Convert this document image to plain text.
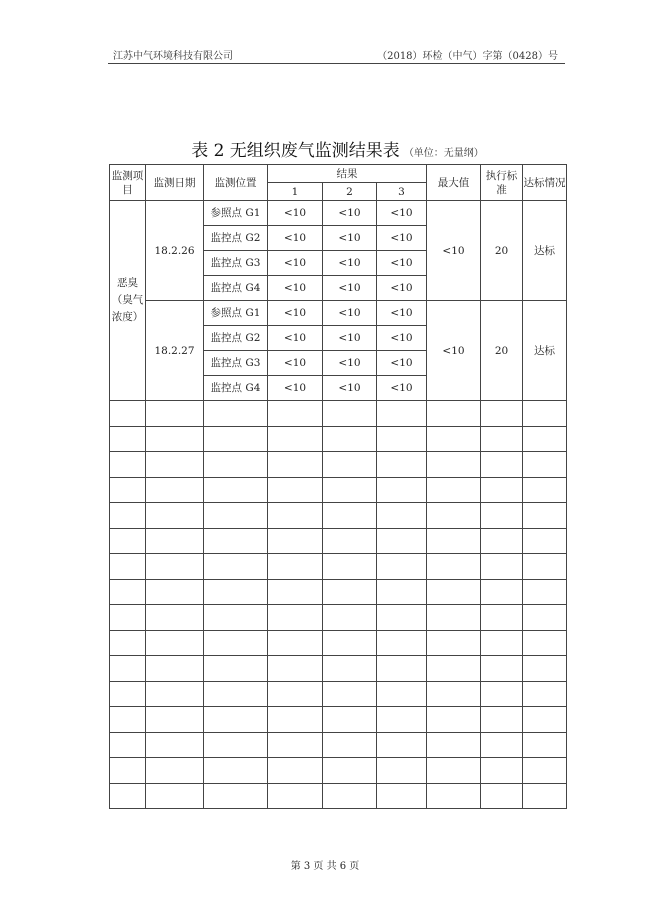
江苏中气环境科技有限公司	（2018）环检（中气）字第（0428）号
表 2 无组织废气监测结果表 （单位：无量纲）
监测项目	监测日期	监测位置	结果			最大值	执行标准	达标情况
			1	2	3			
恶臭（臭气浓度）	18.2.26	参照点 G1	<10	<10	<10	<10	20	达标
		监控点 G2	<10	<10	<10			
		监控点 G3	<10	<10	<10			
		监控点 G4	<10	<10	<10			
	18.2.27	参照点 G1	<10	<10	<10	<10	20	达标
		监控点 G2	<10	<10	<10			
		监控点 G3	<10	<10	<10			
		监控点 G4	<10	<10	<10			

第 3 页 共 6 页
